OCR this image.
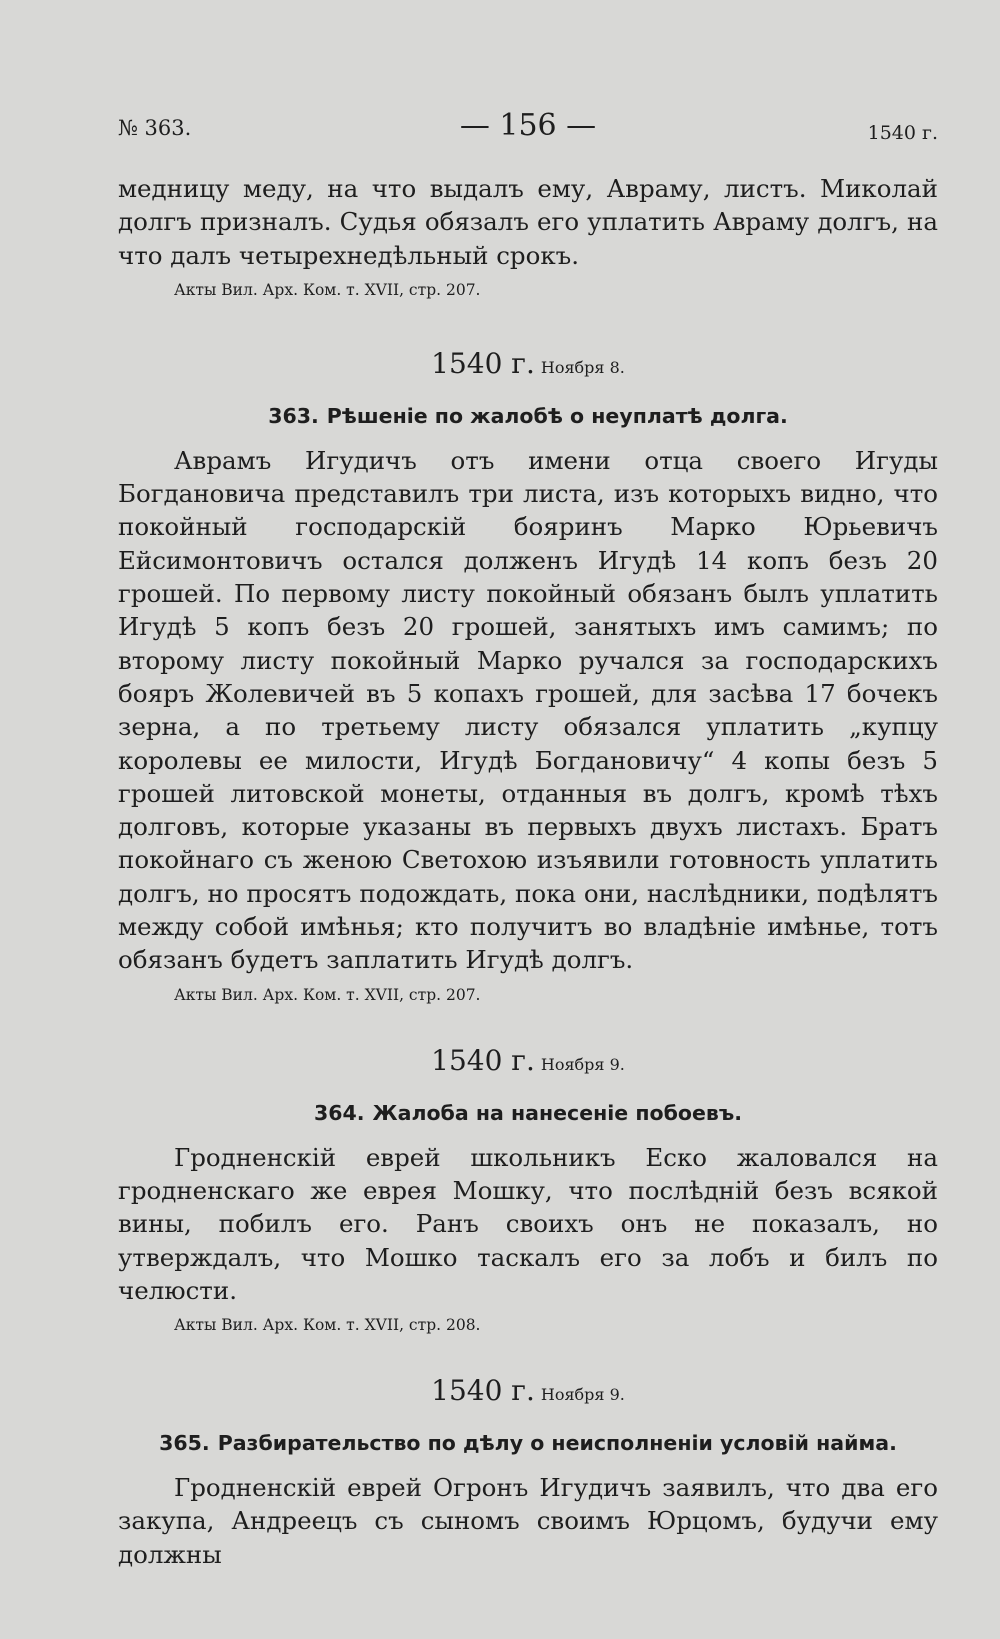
№ 363.	— 156 —	1540 г.

медницу меду, на что выдалъ ему, Авраму, листъ. Миколай долгъ призналъ. Судья обязалъ его уплатить Авраму долгъ, на что далъ четырехнедѣльный срокъ.

Акты Вил. Арх. Ком. т. XVII, стр. 207.
1540 г. Ноября 8.
363. Рѣшеніе по жалобѣ о неуплатѣ долга.

Аврамъ Игудичъ отъ имени отца своего Игуды Богдановича представилъ три листа, изъ которыхъ видно, что покойный господарскій бояринъ Марко Юрьевичъ Ейсимонтовичъ остался долженъ Игудѣ 14 копъ безъ 20 грошей. По первому листу покойный обязанъ былъ уплатить Игудѣ 5 копъ безъ 20 грошей, занятыхъ имъ самимъ; по второму листу покойный Марко ручался за господарскихъ бояръ Жолевичей въ 5 копахъ грошей, для засѣва 17 бочекъ зерна, а по третьему листу обязался уплатить „купцу королевы ее милости, Игудѣ Богдановичу“ 4 копы безъ 5 грошей литовской монеты, отданныя въ долгъ, кромѣ тѣхъ долговъ, которые указаны въ первыхъ двухъ листахъ. Братъ покойнаго съ женою Светохою изъявили готовность уплатить долгъ, но просятъ подождать, пока они, наслѣдники, подѣлятъ между собой имѣнья; кто получитъ во владѣніе имѣнье, тотъ обязанъ будетъ заплатить Игудѣ долгъ.

Акты Вил. Арх. Ком. т. XVII, стр. 207.
1540 г. Ноября 9.
364. Жалоба на нанесеніе побоевъ.

Гродненскій еврей школьникъ Еско жаловался на гродненскаго же еврея Мошку, что послѣдній безъ всякой вины, побилъ его. Ранъ своихъ онъ не показалъ, но утверждалъ, что Мошко таскалъ его за лобъ и билъ по челюсти.

Акты Вил. Арх. Ком. т. XVII, стр. 208.
1540 г. Ноября 9.
365. Разбирательство по дѣлу о неисполненіи условій найма.

Гродненскій еврей Огронъ Игудичъ заявилъ, что два его закупа, Андреецъ съ сыномъ своимъ Юрцомъ, будучи ему должны
